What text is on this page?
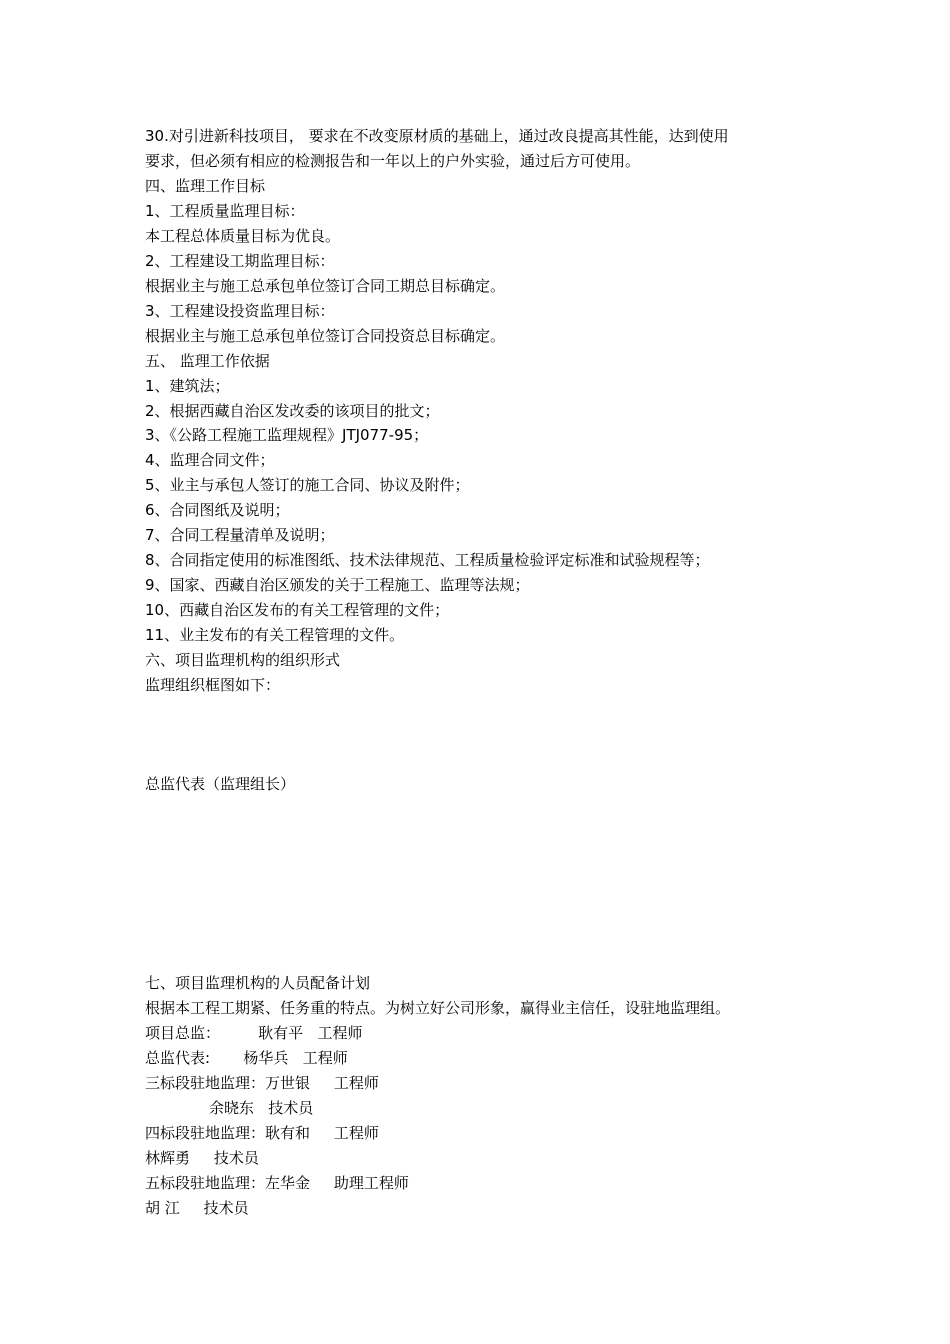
30.对引进新科技项目， 要求在不改变原材质的基础上，通过改良提高其性能，达到使用
要求，但必须有相应的检测报告和一年以上的户外实验，通过后方可使用。
四、监理工作目标
1、工程质量监理目标：
本工程总体质量目标为优良。
2、工程建设工期监理目标：
根据业主与施工总承包单位签订合同工期总目标确定。
3、工程建设投资监理目标：
根据业主与施工总承包单位签订合同投资总目标确定。
五、 监理工作依据
1、建筑法；
2、根据西藏自治区发改委的该项目的批文；
3、《公路工程施工监理规程》JTJ077-95；
4、监理合同文件；
5、业主与承包人签订的施工合同、协议及附件；
6、合同图纸及说明；
7、合同工程量清单及说明；
8、合同指定使用的标准图纸、技术法律规范、工程质量检验评定标准和试验规程等；
9、国家、西藏自治区颁发的关于工程施工、监理等法规；
10、西藏自治区发布的有关工程管理的文件；
11、业主发布的有关工程管理的文件。
六、项目监理机构的组织形式
监理组织框图如下：
总监代表（监理组长）
七、项目监理机构的人员配备计划
根据本工程工期紧、任务重的特点。为树立好公司形象，赢得业主信任，设驻地监理组。
项目总监：        耿有平   工程师
总监代表:       杨华兵   工程师
三标段驻地监理：万世银     工程师
余晓东   技术员
四标段驻地监理：耿有和     工程师
林辉勇     技术员
五标段驻地监理：左华金     助理工程师
胡 江     技术员
